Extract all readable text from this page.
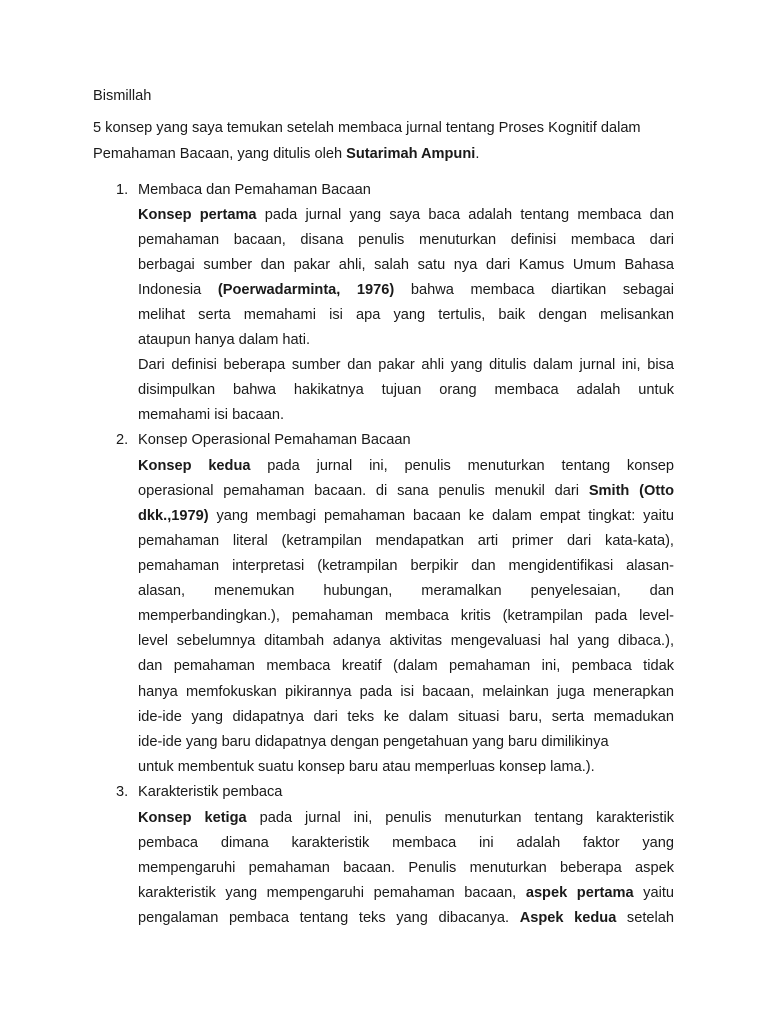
Bismillah
5 konsep yang saya temukan setelah membaca jurnal tentang Proses Kognitif dalam
Pemahaman Bacaan, yang ditulis oleh Sutarimah Ampuni.
1. Membaca dan Pemahaman Bacaan
Konsep pertama pada jurnal yang saya baca adalah tentang membaca dan
pemahaman bacaan, disana penulis menuturkan definisi membaca dari
berbagai sumber dan pakar ahli, salah satu nya dari Kamus Umum Bahasa
Indonesia (Poerwadarminta, 1976) bahwa membaca diartikan sebagai
melihat serta memahami isi apa yang tertulis, baik dengan melisankan
ataupun hanya dalam hati.
Dari definisi beberapa sumber dan pakar ahli yang ditulis dalam jurnal ini, bisa
disimpulkan bahwa hakikatnya tujuan orang membaca adalah untuk
memahami isi bacaan.
2. Konsep Operasional Pemahaman Bacaan
Konsep kedua pada jurnal ini, penulis menuturkan tentang konsep
operasional pemahaman bacaan. di sana penulis menukil dari Smith (Otto
dkk.,1979) yang membagi pemahaman bacaan ke dalam empat tingkat: yaitu
pemahaman literal (ketrampilan mendapatkan arti primer dari kata-kata),
pemahaman interpretasi (ketrampilan berpikir dan mengidentifikasi alasan-
alasan, menemukan hubungan, meramalkan penyelesaian, dan
memperbandingkan.), pemahaman membaca kritis (ketrampilan pada level-
level sebelumnya ditambah adanya aktivitas mengevaluasi hal yang dibaca.),
dan pemahaman membaca kreatif (dalam pemahaman ini, pembaca tidak
hanya memfokuskan pikirannya pada isi bacaan, melainkan juga menerapkan
ide-ide yang didapatnya dari teks ke dalam situasi baru, serta memadukan
ide-ide yang baru didapatnya dengan pengetahuan yang baru dimilikinya
untuk membentuk suatu konsep baru atau memperluas konsep lama.).
3. Karakteristik pembaca
Konsep ketiga pada jurnal ini, penulis menuturkan tentang karakteristik
pembaca dimana karakteristik membaca ini adalah faktor yang
mempengaruhi pemahaman bacaan. Penulis menuturkan beberapa aspek
karakteristik yang mempengaruhi pemahaman bacaan, aspek pertama yaitu
pengalaman pembaca tentang teks yang dibacanya. Aspek kedua setelah
